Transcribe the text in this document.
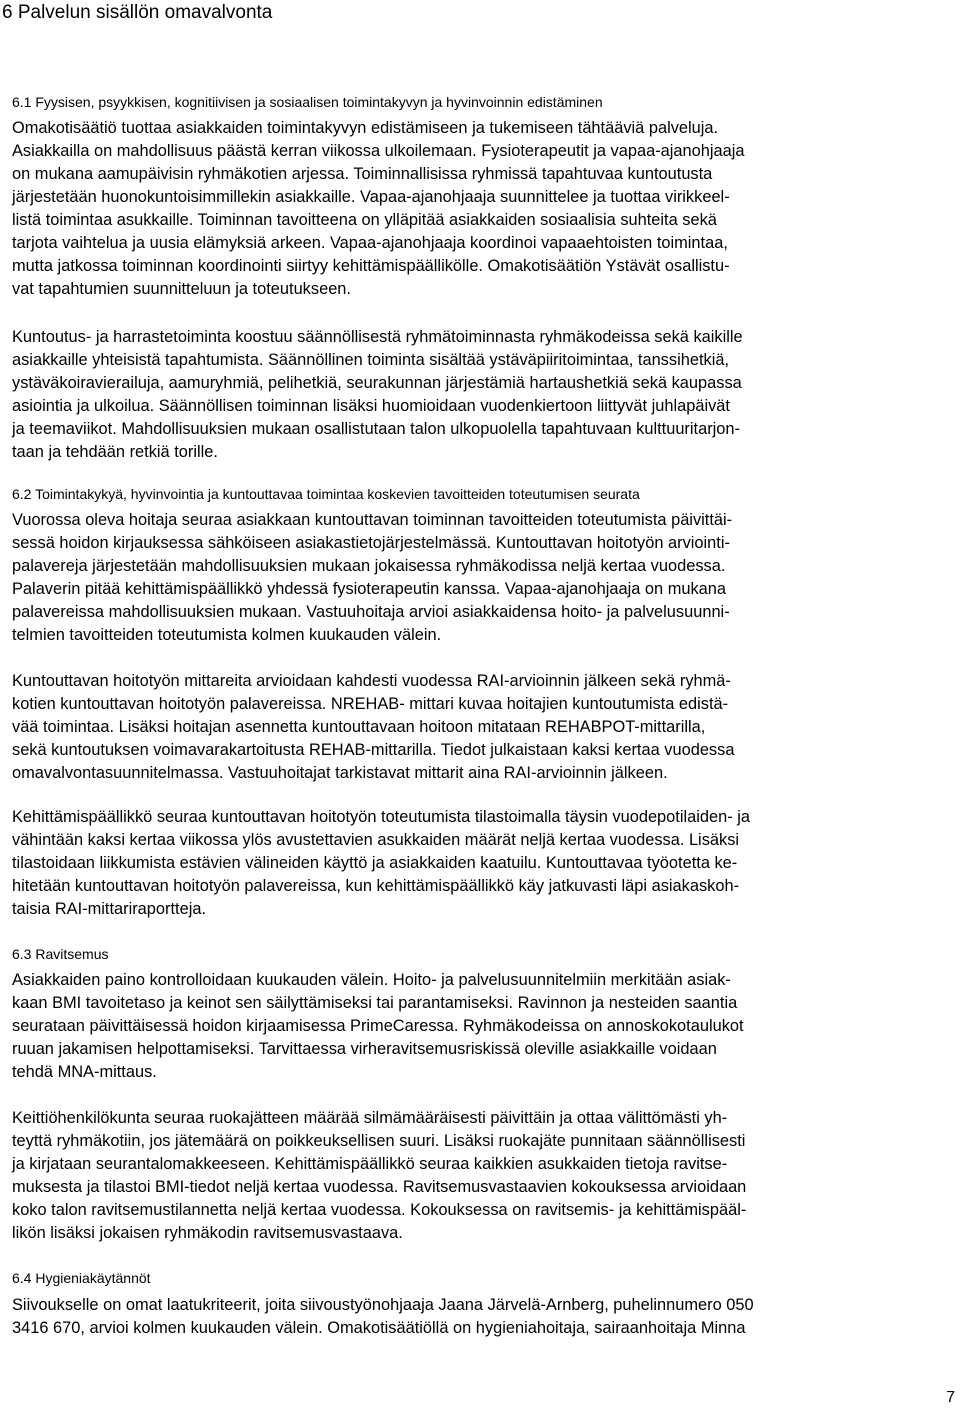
6 Palvelun sisällön omavalvonta
6.1 Fyysisen, psyykkisen, kognitiivisen ja sosiaalisen toimintakyvyn ja hyvinvoinnin edistäminen

Omakotisäätiö tuottaa asiakkaiden toimintakyvyn edistämiseen ja tukemiseen tähtääviä palveluja.
Asiakkailla on mahdollisuus päästä kerran viikossa ulkoilemaan. Fysioterapeutit ja vapaa-ajanohjaaja
on mukana aamupäivisin ryhmäkotien arjessa. Toiminnallisissa ryhmissä tapahtuvaa kuntoutusta
järjestetään huonokuntoisimmillekin asiakkaille. Vapaa-ajanohjaaja suunnittelee ja tuottaa virikkeel-
listä toimintaa asukkaille. Toiminnan tavoitteena on ylläpitää asiakkaiden sosiaalisia suhteita sekä
tarjota vaihtelua ja uusia elämyksiä arkeen. Vapaa-ajanohjaaja koordinoi vapaaehtoisten toimintaa,
mutta jatkossa toiminnan koordinointi siirtyy kehittämispäällikölle. Omakotisäätiön Ystävät osallistu-
vat tapahtumien suunnitteluun ja toteutukseen.

Kuntoutus- ja harrastetoiminta koostuu säännöllisestä ryhmätoiminnasta ryhmäkodeissa sekä kaikille
asiakkaille yhteisistä tapahtumista. Säännöllinen toiminta sisältää ystäväpiiritoimintaa, tanssihetkiä,
ystäväkoiravierailuja, aamuryhmiä, pelihetkiä, seurakunnan järjestämiä hartaushetkiä sekä kaupassa
asiointia ja ulkoilua. Säännöllisen toiminnan lisäksi huomioidaan vuodenkiertoon liittyvät juhlapäivät
ja teemaviikot. Mahdollisuuksien mukaan osallistutaan talon ulkopuolella tapahtuvaan kulttuuritarjon-
taan ja tehdään retkiä torille.

6.2 Toimintakykyä, hyvinvointia ja kuntouttavaa toimintaa koskevien tavoitteiden toteutumisen seurata

Vuorossa oleva hoitaja seuraa asiakkaan kuntouttavan toiminnan tavoitteiden toteutumista päivittäi-
sessä hoidon kirjauksessa sähköiseen asiakastietojärjestelmässä. Kuntouttavan hoitotyön arviointi-
palavereja järjestetään mahdollisuuksien mukaan jokaisessa ryhmäkodissa neljä kertaa vuodessa.
Palaverin pitää kehittämispäällikkö yhdessä fysioterapeutin kanssa. Vapaa-ajanohjaaja on mukana
palavereissa mahdollisuuksien mukaan. Vastuuhoitaja arvioi asiakkaidensa hoito- ja palvelusuunni-
telmien tavoitteiden toteutumista kolmen kuukauden välein.

Kuntouttavan hoitotyön mittareita arvioidaan kahdesti vuodessa RAI-arvioinnin jälkeen sekä ryhmä-
kotien kuntouttavan hoitotyön palavereissa. NREHAB- mittari kuvaa hoitajien kuntoutumista edistä-
vää toimintaa. Lisäksi hoitajan asennetta kuntouttavaan hoitoon mitataan REHABPOT-mittarilla,
sekä kuntoutuksen voimavarakartoitusta REHAB-mittarilla. Tiedot julkaistaan kaksi kertaa vuodessa
omavalvontasuunnitelmassa. Vastuuhoitajat tarkistavat mittarit aina RAI-arvioinnin jälkeen.

Kehittämispäällikkö seuraa kuntouttavan hoitotyön toteutumista tilastoimalla täysin vuodepotilaiden- ja
vähintään kaksi kertaa viikossa ylös avustettavien asukkaiden määrät neljä kertaa vuodessa. Lisäksi
tilastoidaan liikkumista estävien välineiden käyttö ja asiakkaiden kaatuilu. Kuntouttavaa työotetta ke-
hitetään kuntouttavan hoitotyön palavereissa, kun kehittämispäällikkö käy jatkuvasti läpi asiakaskoh-
taisia RAI-mittariraportteja.

6.3 Ravitsemus

Asiakkaiden paino kontrolloidaan kuukauden välein. Hoito- ja palvelusuunnitelmiin merkitään asiak-
kaan BMI tavoitetaso ja keinot sen säilyttämiseksi tai parantamiseksi. Ravinnon ja nesteiden saantia
seurataan päivittäisessä hoidon kirjaamisessa PrimeCaressa. Ryhmäkodeissa on annoskokotaulukot
ruuan jakamisen helpottamiseksi. Tarvittaessa virheravitsemusriskissä oleville asiakkaille voidaan
tehdä MNA-mittaus.

Keittiöhenkilökunta seuraa ruokajätteen määrää silmämääräisesti päivittäin ja ottaa välittömästi yh-
teyttä ryhmäkotiin, jos jätemäärä on poikkeuksellisen suuri. Lisäksi ruokajäte punnitaan säännöllisesti
ja kirjataan seurantalomakkeeseen. Kehittämispäällikkö seuraa kaikkien asukkaiden tietoja ravitse-
muksesta ja tilastoi BMI-tiedot neljä kertaa vuodessa. Ravitsemusvastaavien kokouksessa arvioidaan
koko talon ravitsemustilannetta neljä kertaa vuodessa. Kokouksessa on ravitsemis- ja kehittämispääl-
likön lisäksi jokaisen ryhmäkodin ravitsemusvastaava.

6.4 Hygieniakäytännöt

Siivoukselle on omat laatukriteerit, joita siivoustyönohjaaja Jaana Järvelä-Arnberg, puhelinnumero 050
3416 670, arvioi kolmen kuukauden välein. Omakotisäätiöllä on hygieniahoitaja, sairaanhoitaja Minna

7
